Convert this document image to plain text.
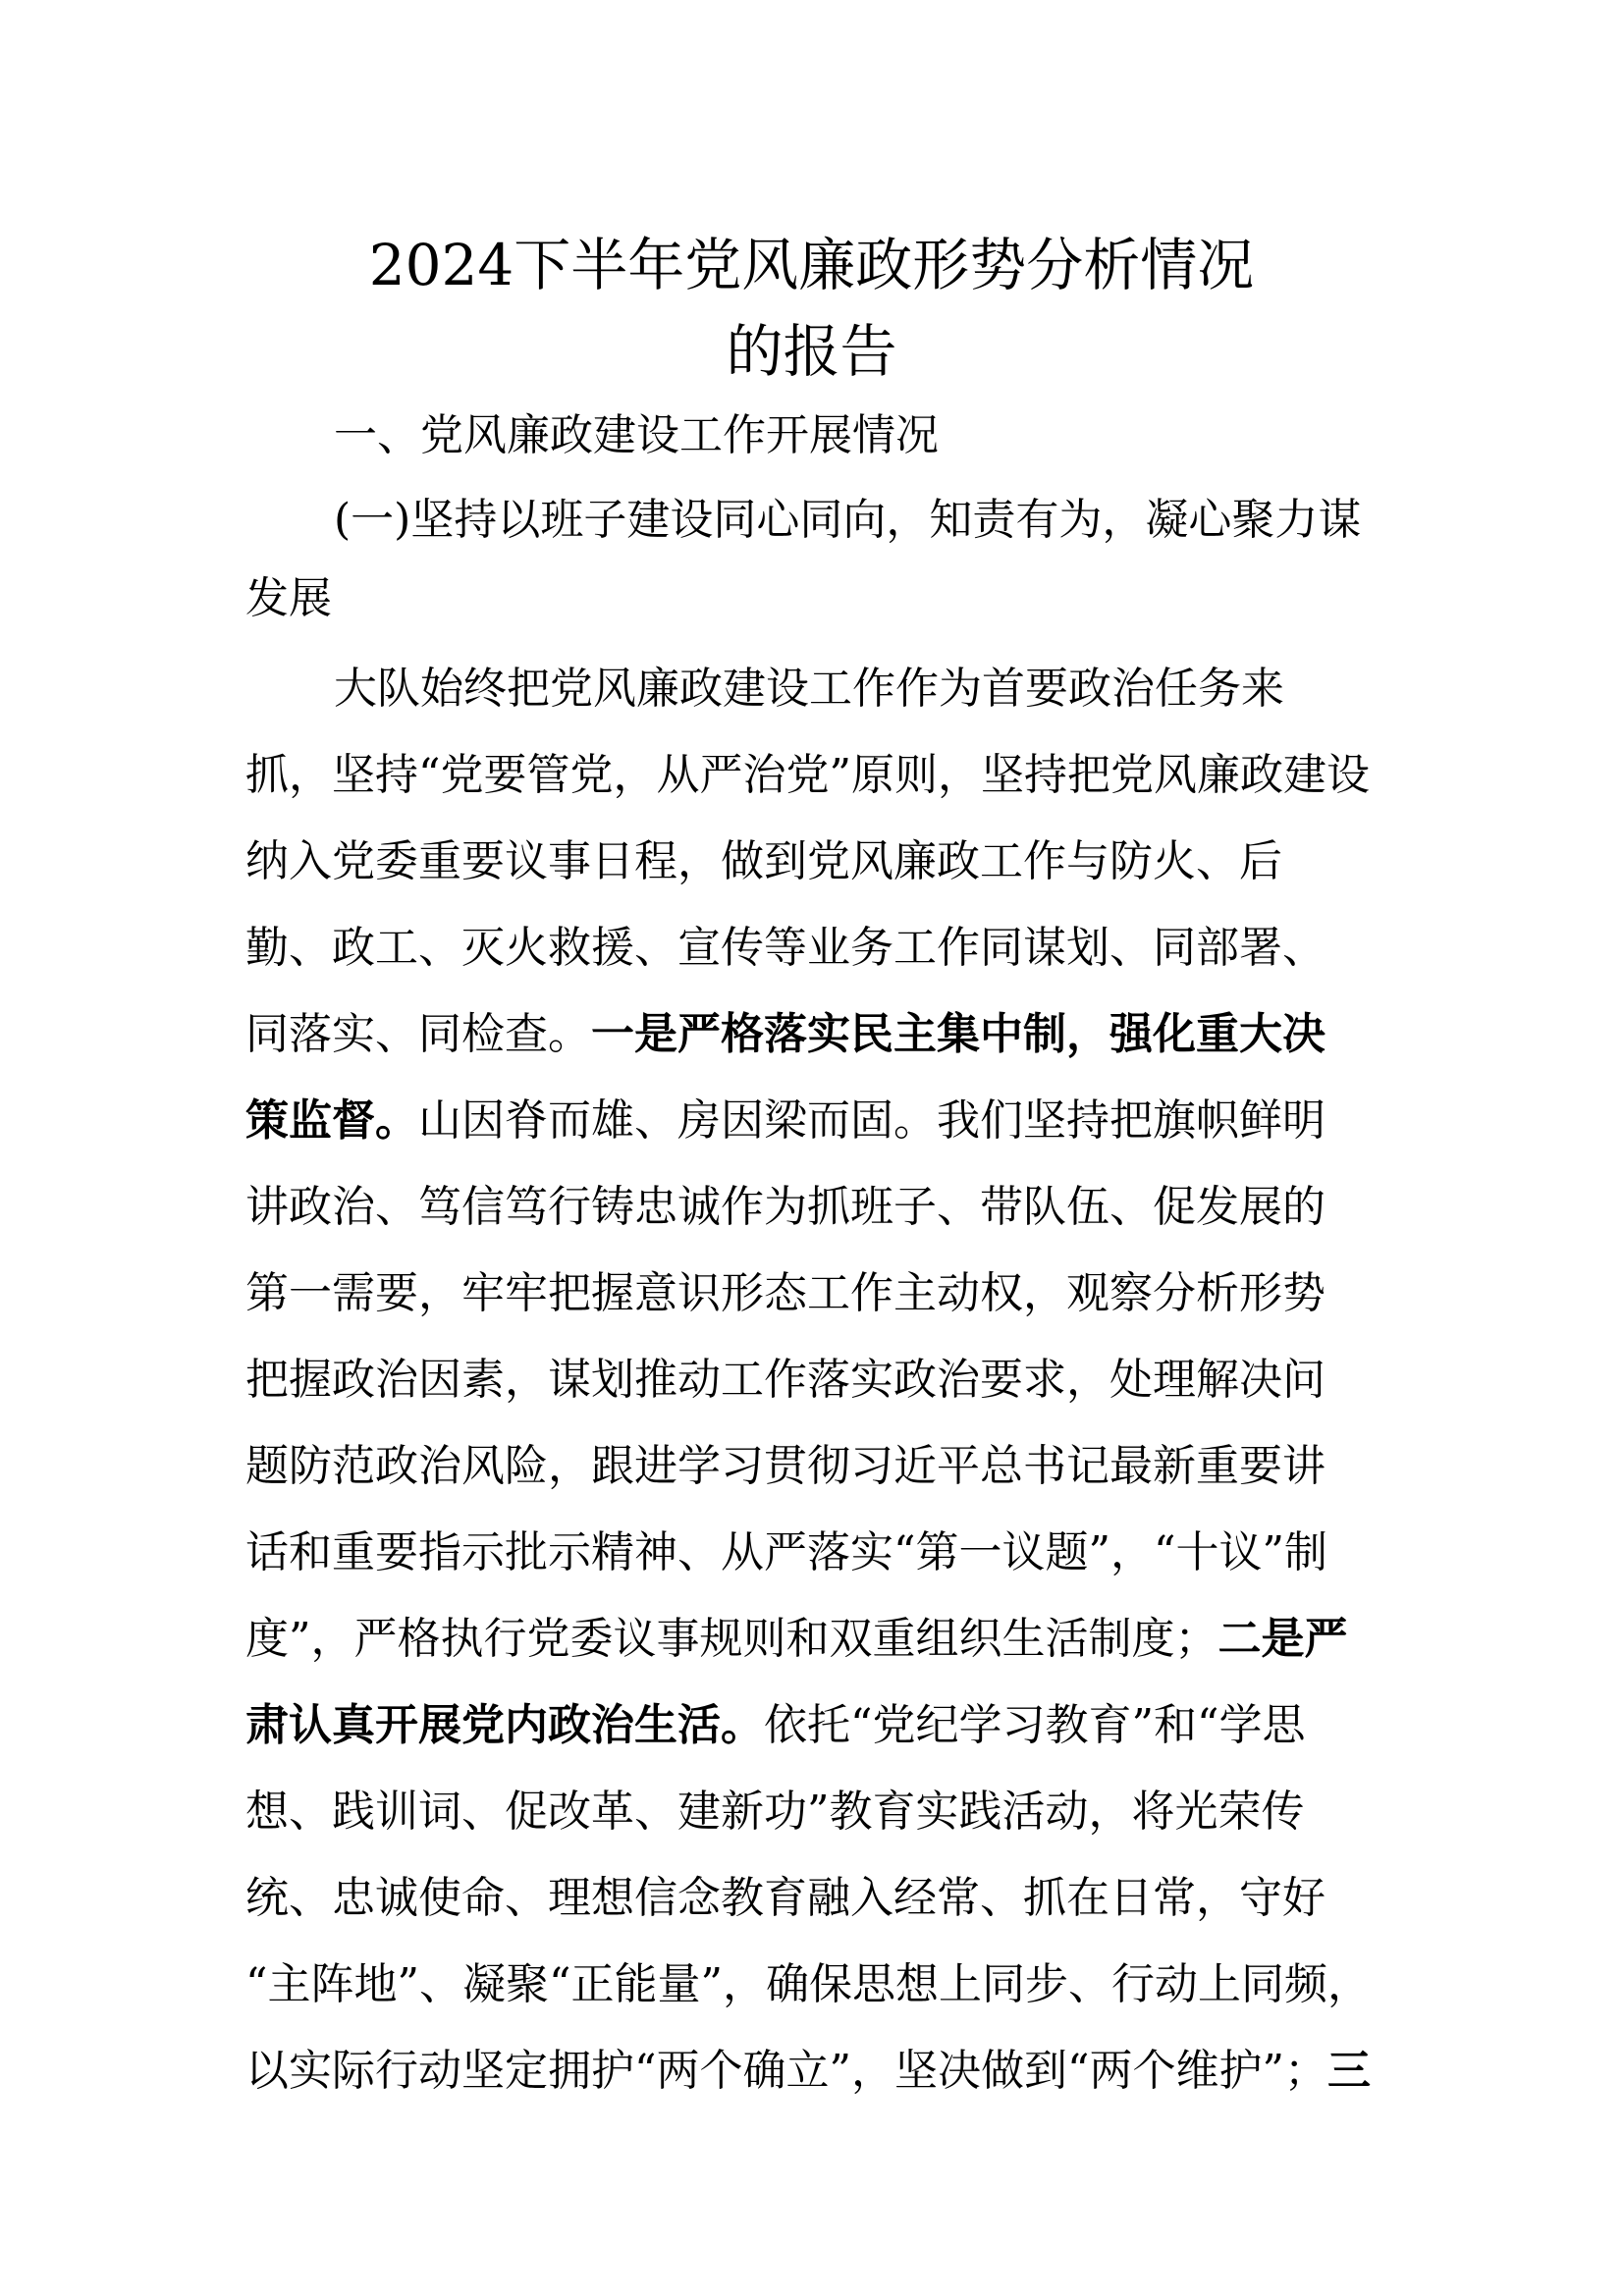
2024下半年党风廉政形势分析情况
的报告

一、党风廉政建设工作开展情况

(一)坚持以班子建设同心同向，知责有为，凝心聚力谋

发展

大队始终把党风廉政建设工作作为首要政治任务来

抓，坚持“党要管党，从严治党”原则，坚持把党风廉政建设

纳入党委重要议事日程，做到党风廉政工作与防火、后

勤、政工、灭火救援、宣传等业务工作同谋划、同部署、

同落实、同检查。一是严格落实民主集中制，强化重大决

策监督。山因脊而雄、房因梁而固。我们坚持把旗帜鲜明

讲政治、笃信笃行铸忠诚作为抓班子、带队伍、促发展的

第一需要，牢牢把握意识形态工作主动权，观察分析形势

把握政治因素，谋划推动工作落实政治要求，处理解决问

题防范政治风险，跟进学习贯彻习近平总书记最新重要讲

话和重要指示批示精神、从严落实“第一议题”，“十议”制

度”，严格执行党委议事规则和双重组织生活制度；二是严

肃认真开展党内政治生活。依托“党纪学习教育”和“学思

想、践训词、促改革、建新功”教育实践活动，将光荣传

统、忠诚使命、理想信念教育融入经常、抓在日常，守好

“主阵地”、凝聚“正能量”，确保思想上同步、行动上同频，

以实际行动坚定拥护“两个确立”，坚决做到“两个维护”；三
